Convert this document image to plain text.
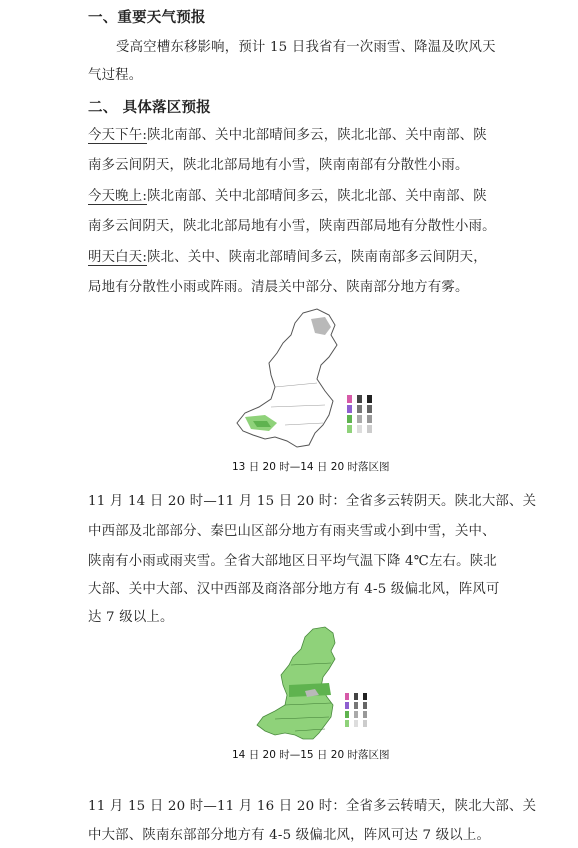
一、重要天气预报
受高空槽东移影响，预计 15 日我省有一次雨雪、降温及吹风天
气过程。
二、 具体落区预报
今天下午:陕北南部、关中北部晴间多云，陕北北部、关中南部、陕
南多云间阴天，陕北北部局地有小雪，陕南南部有分散性小雨。
今天晚上:陕北南部、关中北部晴间多云，陕北北部、关中南部、陕
南多云间阴天，陕北北部局地有小雪，陕南西部局地有分散性小雨。
明天白天:陕北、关中、陕南北部晴间多云，陕南南部多云间阴天，
局地有分散性小雨或阵雨。清晨关中部分、陕南部分地方有雾。
13 日 20 时—14 日 20 时落区图
11 月 14 日 20 时—11 月 15 日 20 时：全省多云转阴天。陕北大部、关
中西部及北部部分、秦巴山区部分地方有雨夹雪或小到中雪，关中、
陕南有小雨或雨夹雪。全省大部地区日平均气温下降 4℃左右。陕北
大部、关中大部、汉中西部及商洛部分地方有 4-5 级偏北风，阵风可
达 7 级以上。
14 日 20 时—15 日 20 时落区图
11 月 15 日 20 时—11 月 16 日 20 时：全省多云转晴天，陕北大部、关
中大部、陕南东部部分地方有 4-5 级偏北风，阵风可达 7 级以上。
